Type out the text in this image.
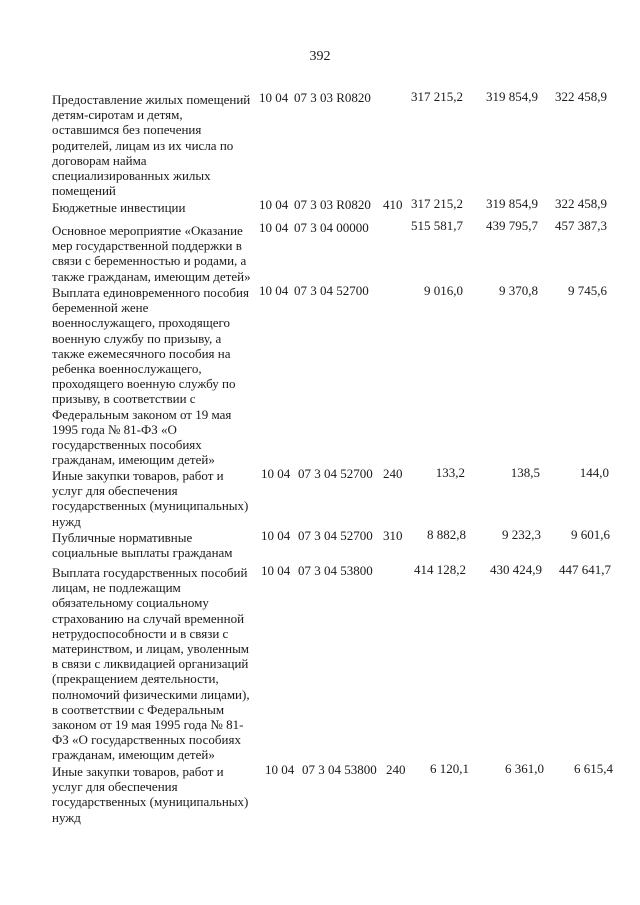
392
Предоставление жилых помещений
детям-сиротам и детям,
оставшимся без попечения
родителей, лицам из их числа по
договорам найма
специализированных жилых
помещений
10 04 07 3 03 R0820	317 215,2	319 854,9	322 458,9
Бюджетные инвестиции	10 04 07 3 03 R0820 410 317 215,2	319 854,9	322 458,9
Основное мероприятие «Оказание
мер государственной поддержки в
связи с беременностью и родами, а
также гражданам, имеющим детей»
10 04 07 3 04 00000	515 581,7	439 795,7	457 387,3
Выплата единовременного пособия
беременной жене
военнослужащего, проходящего
военную службу по призыву, а
также ежемесячного пособия на
ребенка военнослужащего,
проходящего военную службу по
призыву, в соответствии с
Федеральным законом от 19 мая
1995 года № 81-ФЗ «О
государственных пособиях
гражданам, имеющим детей»
10 04 07 3 04 52700	9 016,0	9 370,8	9 745,6
Иные закупки товаров, работ и
услуг для обеспечения
государственных (муниципальных)
нужд
10 04 07 3 04 52700 240	133,2	138,5	144,0
Публичные нормативные
социальные выплаты гражданам
10 04 07 3 04 52700 310	8 882,8	9 232,3	9 601,6
Выплата государственных пособий
лицам, не подлежащим
обязательному социальному
страхованию на случай временной
нетрудоспособности и в связи с
материнством, и лицам, уволенным
в связи с ликвидацией организаций
(прекращением деятельности,
полномочий физическими лицами),
в соответствии с Федеральным
законом от 19 мая 1995 года № 81-
ФЗ «О государственных пособиях
гражданам, имеющим детей»
10 04 07 3 04 53800	414 128,2	430 424,9	447 641,7
Иные закупки товаров, работ и
услуг для обеспечения
государственных (муниципальных)
нужд
10 04 07 3 04 53800 240	6 120,1	6 361,0	6 615,4
